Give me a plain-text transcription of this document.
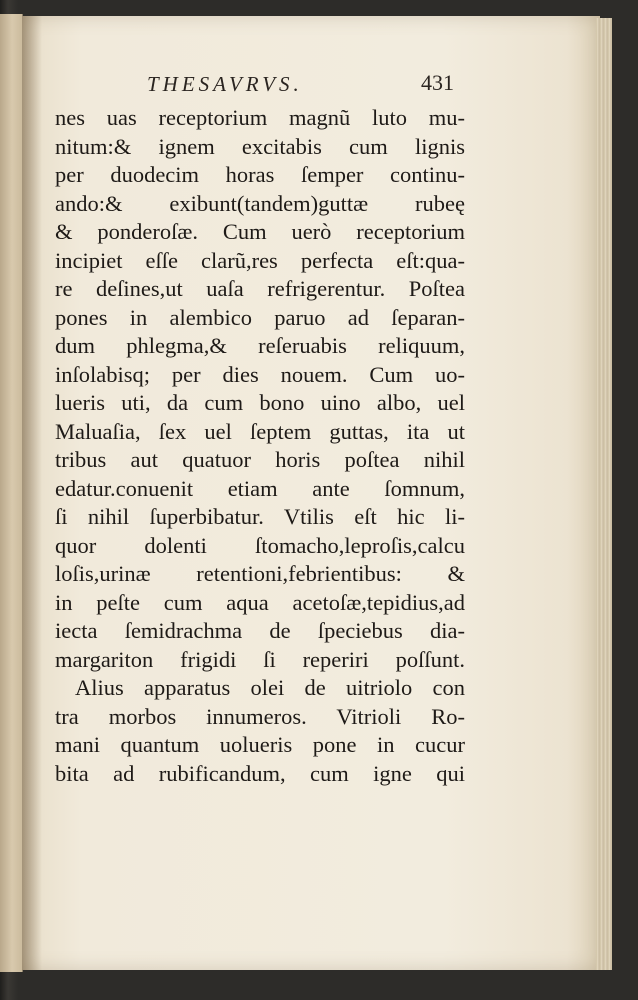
THESAVRVS.	431
nes uas receptorium magnũ luto mu-
nitum:& ignem excitabis cum lignis
per duodecim horas ſemper continu-
ando:& exibunt(tandem)guttæ rubeę
& ponderoſæ. Cum uerò receptorium
incipiet eſſe clarũ,res perfecta eſt:qua-
re deſines,ut uaſa refrigerentur. Poſtea
pones in alembico paruo ad ſeparan-
dum phlegma,& reſeruabis reliquum,
inſolabisq; per dies nouem. Cum uo-
lueris uti, da cum bono uino albo, uel
Maluaſia, ſex uel ſeptem guttas, ita ut
tribus aut quatuor horis poſtea nihil
edatur.conuenit etiam ante ſomnum,
ſi nihil ſuperbibatur. Vtilis eſt hic li-
quor dolenti ſtomacho,leproſis,calcu
loſis,urinæ retentioni,febrientibus: &
in peſte cum aqua acetoſæ,tepidius,ad
iecta ſemidrachma de ſpeciebus dia-
margariton frigidi ſi reperiri poſſunt.
Alius apparatus olei de uitriolo con
tra morbos innumeros. Vitrioli Ro-
mani quantum uolueris pone in cucur
bita ad rubificandum, cum igne qui
